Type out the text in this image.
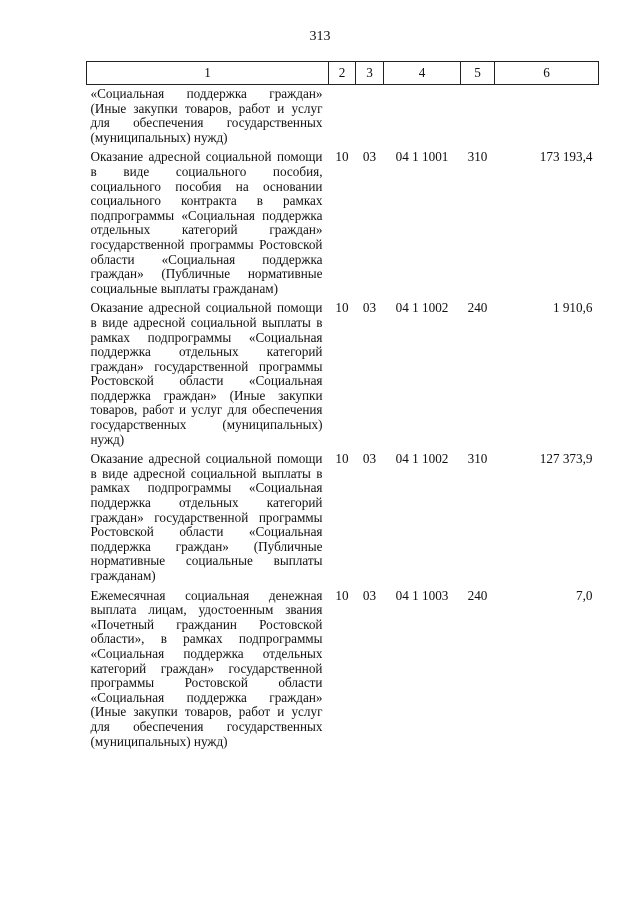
313
1	2	3	4	5	6
«Социальная поддержка граждан» (Иные закупки товаров, работ и услуг для обеспечения государственных (муниципальных) нужд)					
Оказание адресной социальной помощи в виде социального пособия, социального пособия на основании социального контракта в рамках подпрограммы «Социальная поддержка отдельных категорий граждан» государственной программы Ростовской области «Социальная поддержка граждан» (Публичные нормативные социальные выплаты гражданам)	10	03	04 1 1001	310	173 193,4
Оказание адресной социальной помощи в виде адресной социальной выплаты в рамках подпрограммы «Социальная поддержка отдельных категорий граждан» государственной программы Ростовской области «Социальная поддержка граждан» (Иные закупки товаров, работ и услуг для обеспечения государственных (муниципальных) нужд)	10	03	04 1 1002	240	1 910,6
Оказание адресной социальной помощи в виде адресной социальной выплаты в рамках подпрограммы «Социальная поддержка отдельных категорий граждан» государственной программы Ростовской области «Социальная поддержка граждан» (Публичные нормативные социальные выплаты гражданам)	10	03	04 1 1002	310	127 373,9
Ежемесячная социальная денежная выплата лицам, удостоенным звания «Почетный гражданин Ростовской области», в рамках подпрограммы «Социальная поддержка отдельных категорий граждан» государственной программы Ростовской области «Социальная поддержка граждан» (Иные закупки товаров, работ и услуг для обеспечения государственных (муниципальных) нужд)	10	03	04 1 1003	240	7,0
